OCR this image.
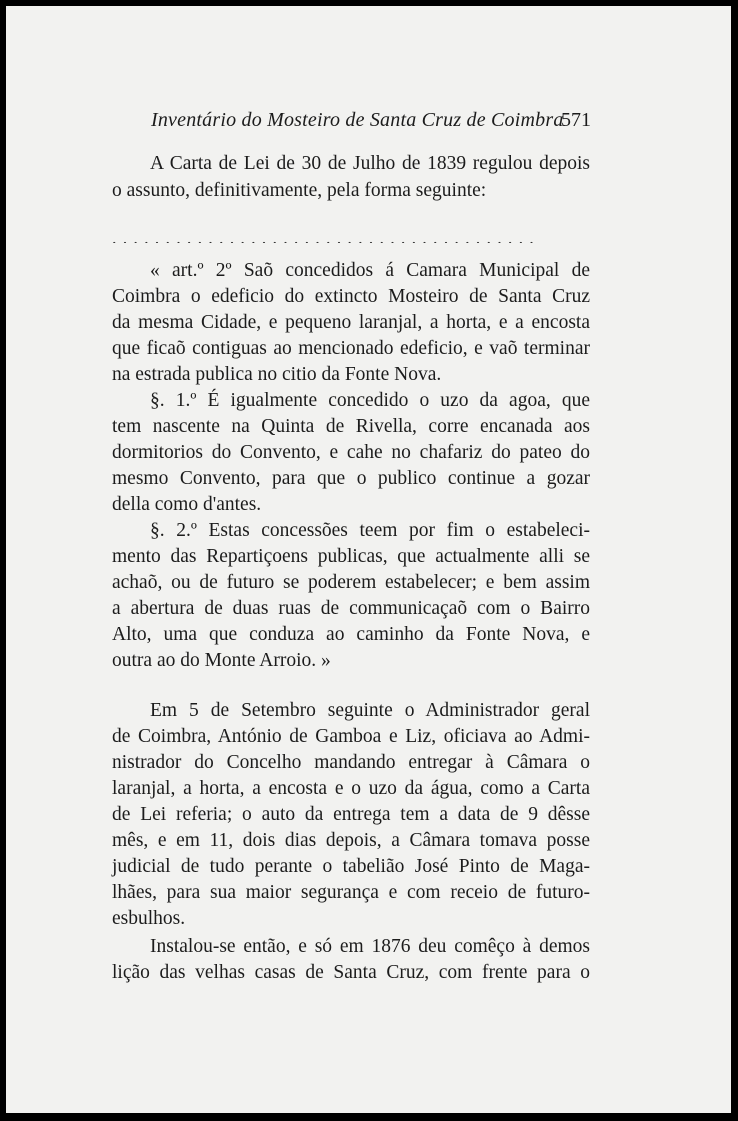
Inventário do Mosteiro de Santa Cruz de Coimbra
571
A Carta de Lei de 30 de Julho de 1839 regulou depois
o assunto, definitivamente, pela forma seguinte:
........................................
« art.º 2º Saõ concedidos á Camara Municipal de
Coimbra o edeficio do extincto Mosteiro de Santa Cruz
da mesma Cidade, e pequeno laranjal, a horta, e a encosta
que ficaõ contiguas ao mencionado edeficio, e vaõ terminar
na estrada publica no citio da Fonte Nova.
§. 1.º É igualmente concedido o uzo da agoa, que
tem nascente na Quinta de Rivella, corre encanada aos
dormitorios do Convento, e cahe no chafariz do pateo do
mesmo Convento, para que o publico continue a gozar
della como d'antes.
§. 2.º Estas concessões teem por fim o estabeleci-
mento das Repartiçoens publicas, que actualmente alli se
achaõ, ou de futuro se poderem estabelecer; e bem assim
a abertura de duas ruas de communicaçaõ com o Bairro
Alto, uma que conduza ao caminho da Fonte Nova, e
outra ao do Monte Arroio. »
Em 5 de Setembro seguinte o Administrador geral
de Coimbra, António de Gamboa e Liz, oficiava ao Admi-
nistrador do Concelho mandando entregar à Câmara o
laranjal, a horta, a encosta e o uzo da água, como a Carta
de Lei referia; o auto da entrega tem a data de 9 dêsse
mês, e em 11, dois dias depois, a Câmara tomava posse
judicial de tudo perante o tabelião José Pinto de Maga-
lhães, para sua maior segurança e com receio de futuro-
esbulhos.
Instalou-se então, e só em 1876 deu comêço à demos
lição das velhas casas de Santa Cruz, com frente para o
